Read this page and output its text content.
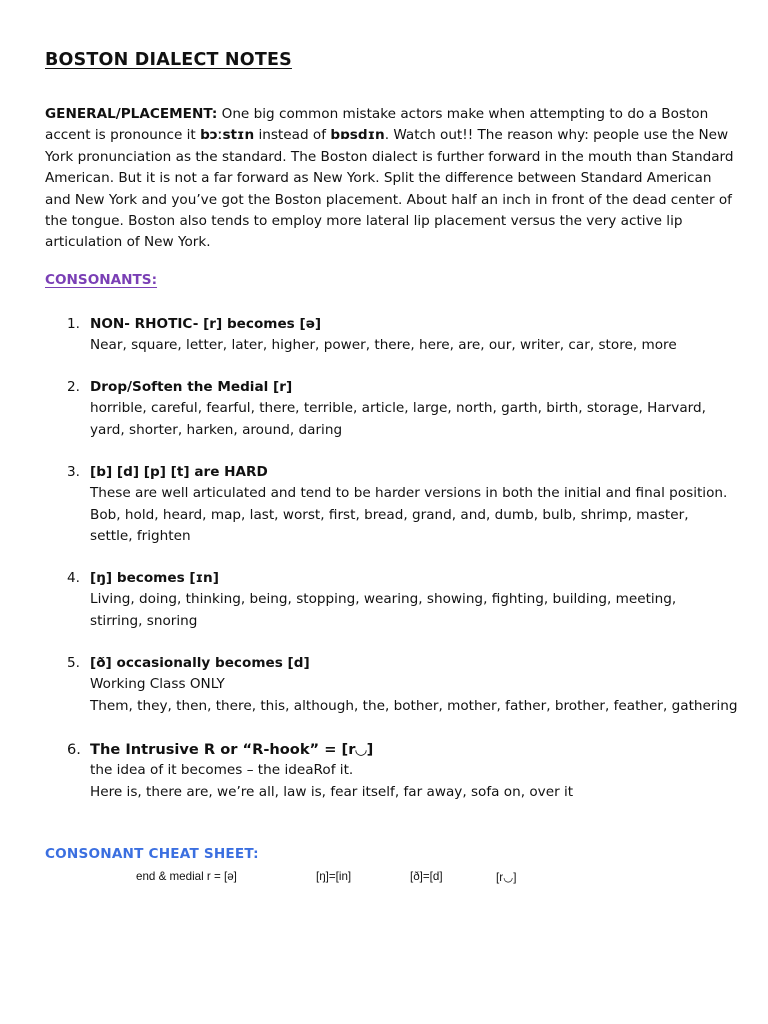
BOSTON DIALECT NOTES
GENERAL/PLACEMENT: One big common mistake actors make when attempting to do a Boston accent is pronounce it bɔːstɪn instead of bɒsdɪn. Watch out!! The reason why: people use the New York pronunciation as the standard. The Boston dialect is further forward in the mouth than Standard American. But it is not a far forward as New York. Split the difference between Standard American and New York and you’ve got the Boston placement. About half an inch in front of the dead center of the tongue. Boston also tends to employ more lateral lip placement versus the very active lip articulation of New York.
CONSONANTS:
1. NON- RHOTIC- [r] becomes [ə]
Near, square, letter, later, higher, power, there, here, are, our, writer, car, store, more
2. Drop/Soften the Medial [r]
horrible, careful, fearful, there, terrible, article, large, north, garth, birth, storage, Harvard,
yard, shorter, harken, around, daring
3. [b] [d] [p] [t] are HARD
These are well articulated and tend to be harder versions in both the initial and final position.
Bob, hold, heard, map, last, worst, first, bread, grand, and, dumb, bulb, shrimp, master,
settle, frighten
4. [ŋ] becomes [ɪn]
Living, doing, thinking, being, stopping, wearing, showing, fighting, building, meeting,
stirring, snoring
5. [ð] occasionally becomes [d]
Working Class ONLY
Them, they, then, there, this, although, the, bother, mother, father, brother, feather, gathering
6. The Intrusive R or “R-hook” = [r◡]
the idea of it becomes – the ideaRof it.
Here is, there are, we’re all, law is, fear itself, far away, sofa on, over it
CONSONANT CHEAT SHEET:
end & medial r = [ə]	[ŋ]=[in]	[ð]=[d]	[r◡]
